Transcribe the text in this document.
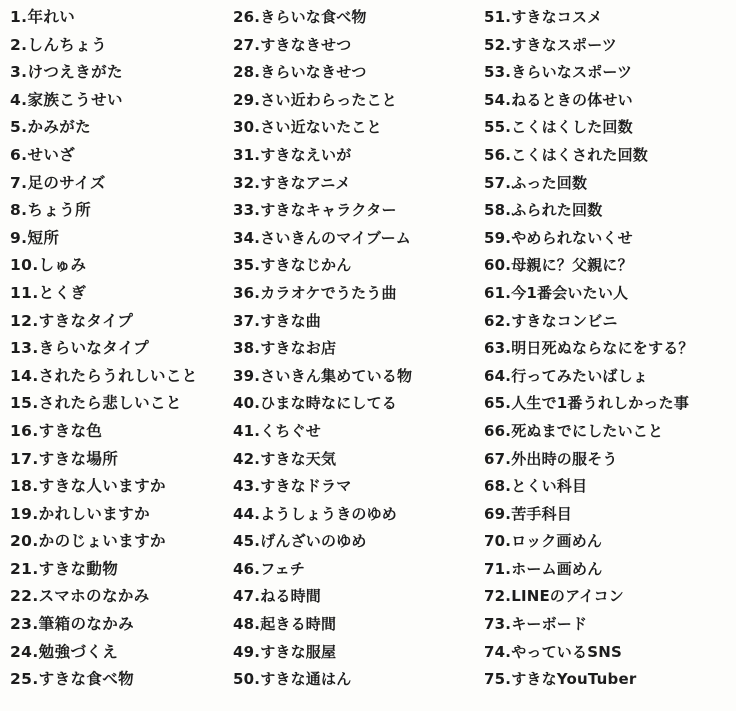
1.年れい
2.しんちょう
3.けつえきがた
4.家族こうせい
5.かみがた
6.せいざ
7.足のサイズ
8.ちょう所
9.短所
10.しゅみ
11.とくぎ
12.すきなタイプ
13.きらいなタイプ
14.されたらうれしいこと
15.されたら悲しいこと
16.すきな色
17.すきな場所
18.すきな人いますか
19.かれしいますか
20.かのじょいますか
21.すきな動物
22.スマホのなかみ
23.筆箱のなかみ
24.勉強づくえ
25.すきな食べ物
26.きらいな食べ物
27.すきなきせつ
28.きらいなきせつ
29.さい近わらったこと
30.さい近ないたこと
31.すきなえいが
32.すきなアニメ
33.すきなキャラクター
34.さいきんのマイブーム
35.すきなじかん
36.カラオケでうたう曲
37.すきな曲
38.すきなお店
39.さいきん集めている物
40.ひまな時なにしてる
41.くちぐせ
42.すきな天気
43.すきなドラマ
44.ようしょうきのゆめ
45.げんざいのゆめ
46.フェチ
47.ねる時間
48.起きる時間
49.すきな服屋
50.すきな通はん
51.すきなコスメ
52.すきなスポーツ
53.きらいなスポーツ
54.ねるときの体せい
55.こくはくした回数
56.こくはくされた回数
57.ふった回数
58.ふられた回数
59.やめられないくせ
60.母親に？父親に？
61.今1番会いたい人
62.すきなコンビニ
63.明日死ぬならなにをする？
64.行ってみたいばしょ
65.人生で1番うれしかった事
66.死ぬまでにしたいこと
67.外出時の服そう
68.とくい科目
69.苦手科目
70.ロック画めん
71.ホーム画めん
72.LINEのアイコン
73.キーボード
74.やっているSNS
75.すきなYouTuber
